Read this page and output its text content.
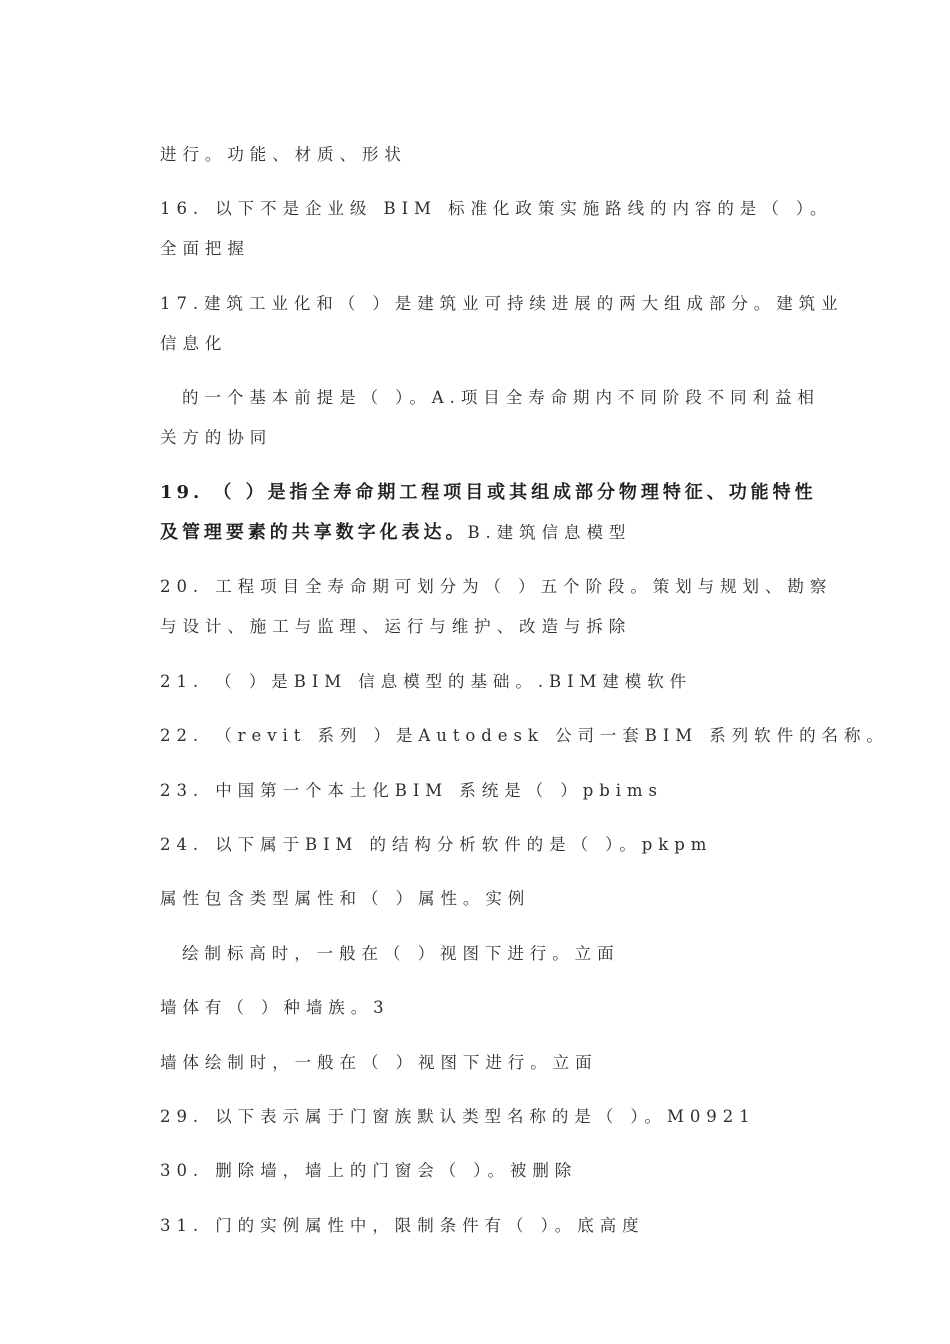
进行。功能、材质、形状
16. 以下不是企业级 BIM 标准化政策实施路线的内容的是（ ）。
全面把握
17.建筑工业化和（ ）是建筑业可持续进展的两大组成部分。建筑业
信息化
的一个基本前提是（ ）。A.项目全寿命期内不同阶段不同利益相
关方的协同
19. （ ）是指全寿命期工程项目或其组成部分物理特征、功能特性
及管理要素的共享数字化表达。B.建筑信息模型
20. 工程项目全寿命期可划分为（ ）五个阶段。策划与规划、勘察
与设计、施工与监理、运行与维护、改造与拆除
21. （ ）是BIM 信息模型的基础。.BIM建模软件
22. （revit 系列 ）是Autodesk 公司一套BIM 系列软件的名称。
23. 中国第一个本土化BIM 系统是（ ）pbims
24. 以下属于BIM 的结构分析软件的是（ ）。pkpm
属性包含类型属性和（ ）属性。实例
绘制标高时，一般在（ ）视图下进行。立面
墙体有（ ）种墙族。3
墙体绘制时，一般在（ ）视图下进行。立面
29. 以下表示属于门窗族默认类型名称的是（ ）。M0921
30. 删除墙，墙上的门窗会（ ）。被删除
31. 门的实例属性中，限制条件有（ ）。底高度
